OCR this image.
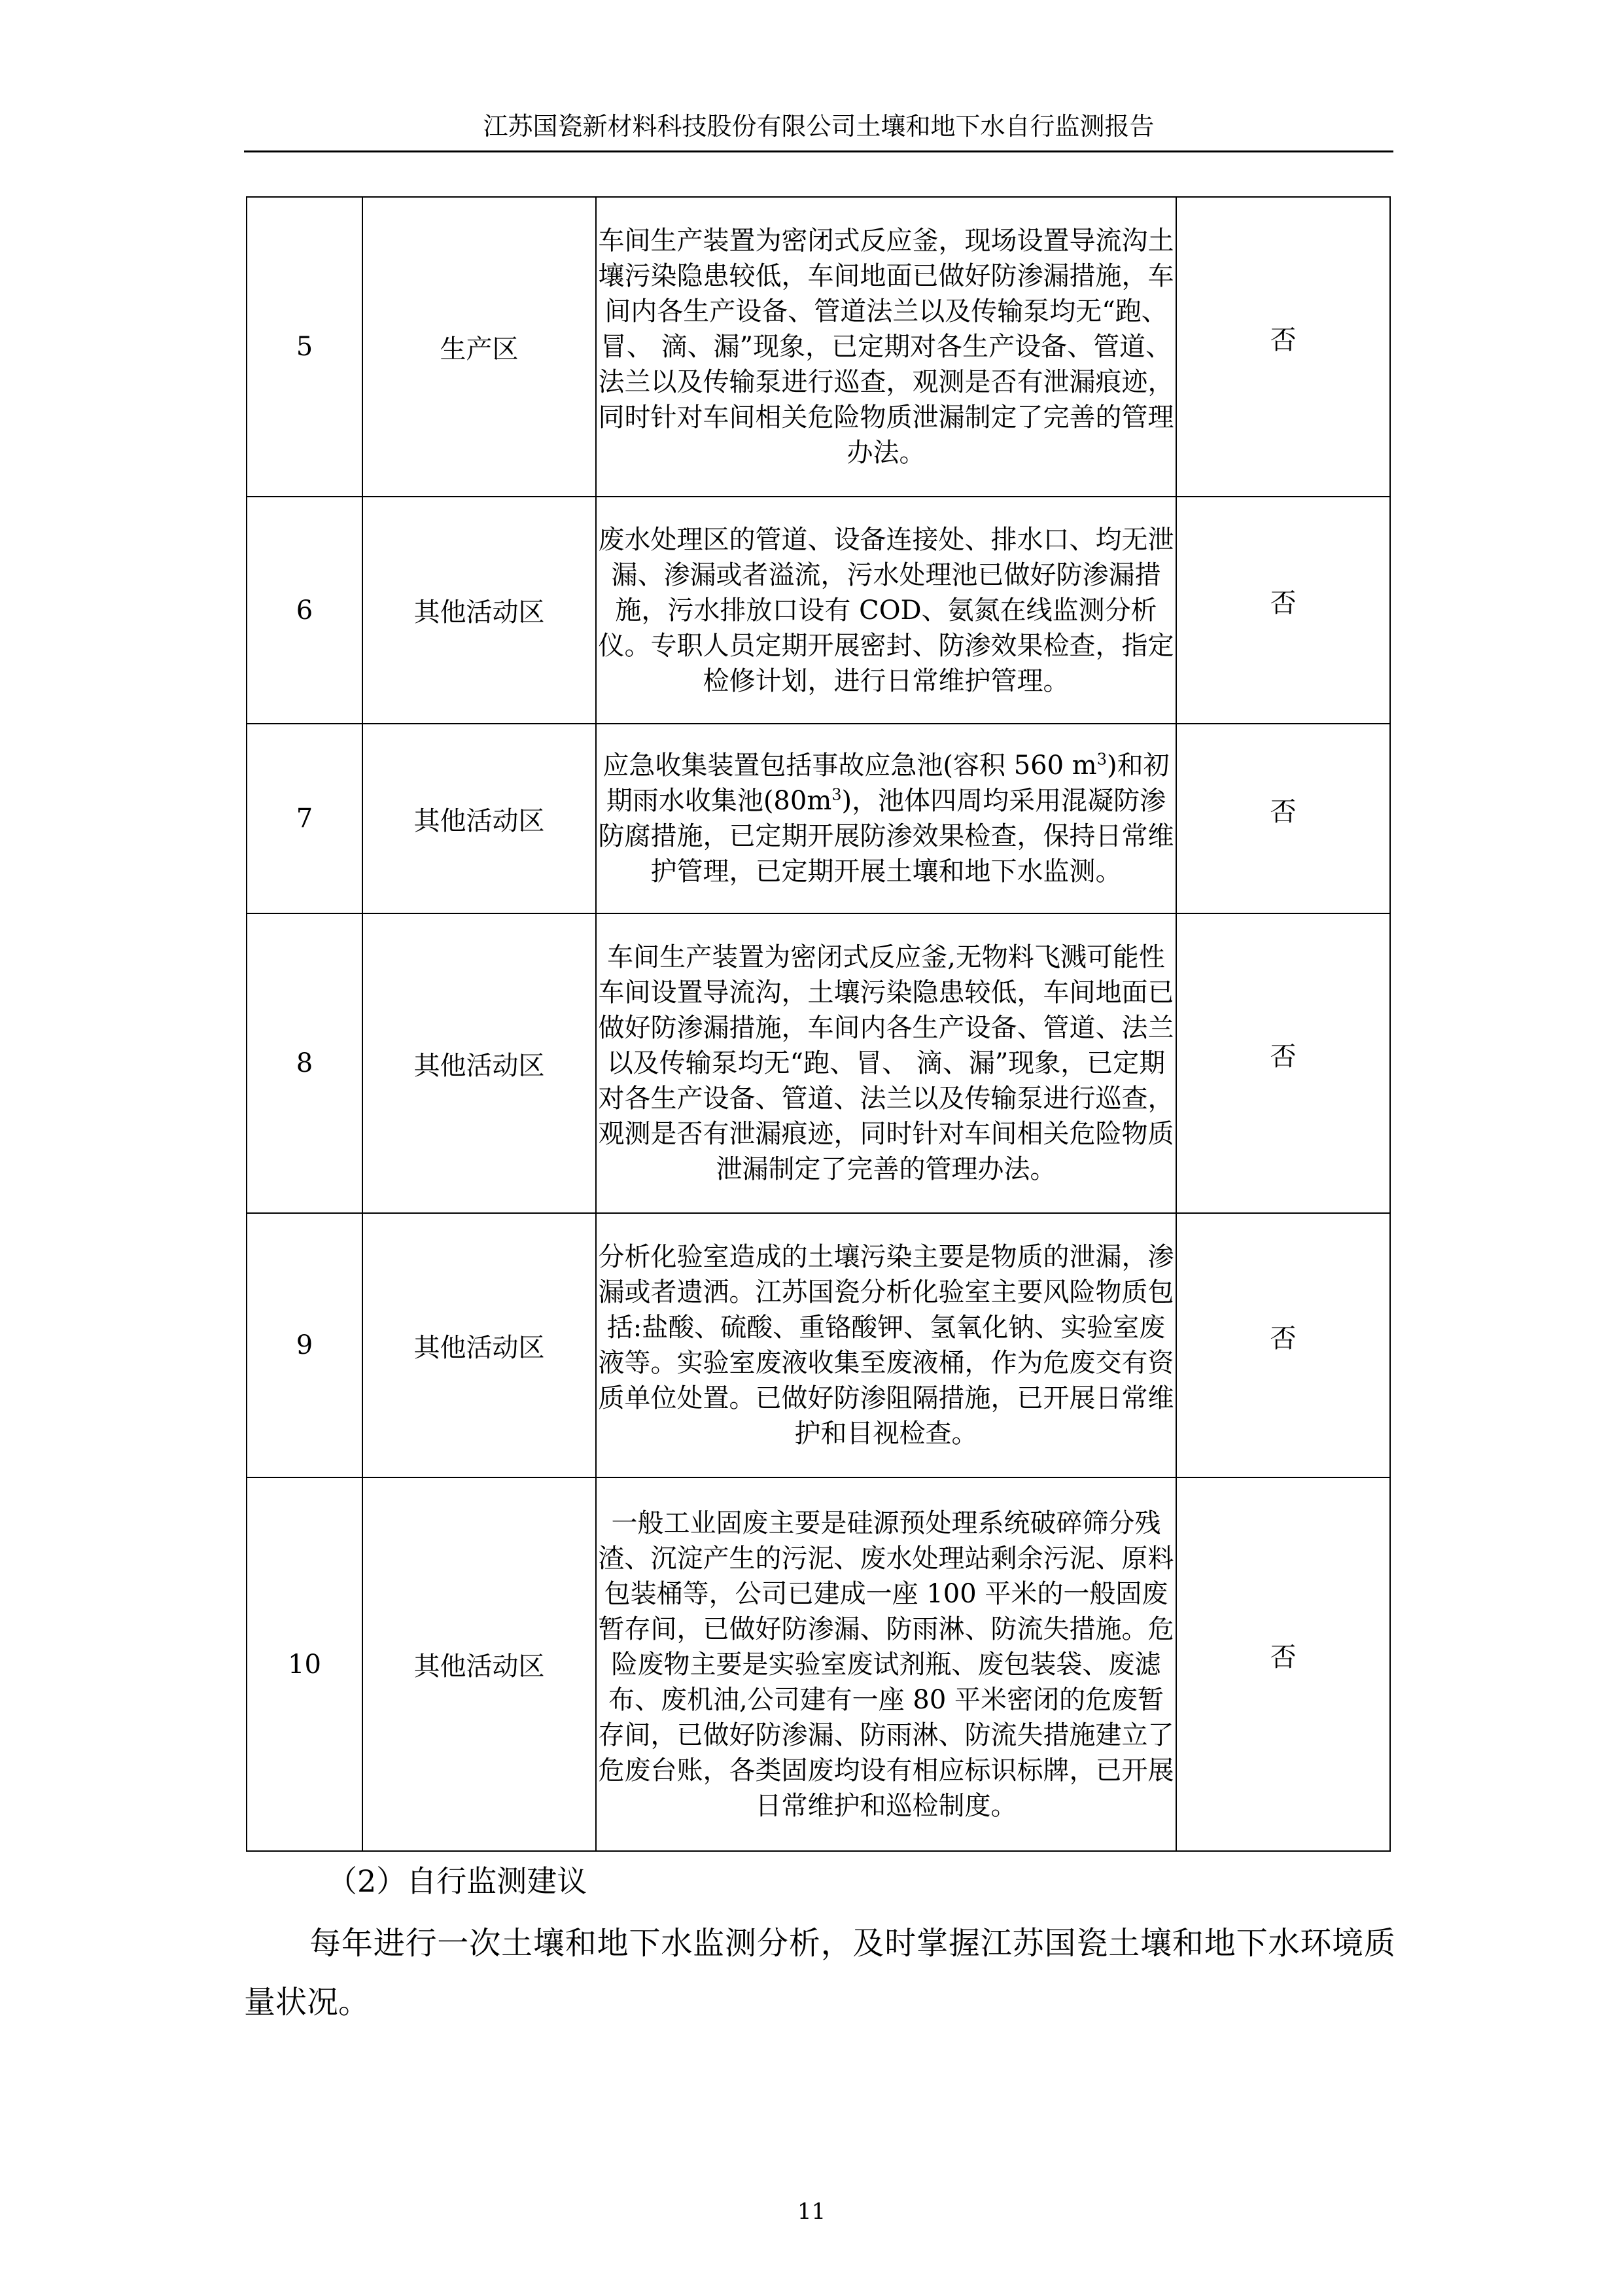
江苏国瓷新材料科技股份有限公司土壤和地下水自行监测报告
5	生产区	车间生产装置为密闭式反应釜，现场设置导流沟土壤污染隐患较低，车间地面已做好防渗漏措施，车间内各生产设备、管道法兰以及传输泵均无“跑、冒、 滴、漏”现象，已定期对各生产设备、管道、法兰以及传输泵进行巡查，观测是否有泄漏痕迹，同时针对车间相关危险物质泄漏制定了完善的管理办法。	否
6	其他活动区	废水处理区的管道、设备连接处、排水口、均无泄漏、渗漏或者溢流，污水处理池已做好防渗漏措施，污水排放口设有 COD、氨氮在线监测分析仪。专职人员定期开展密封、防渗效果检查，指定检修计划，进行日常维护管理。	否
7	其他活动区	应急收集装置包括事故应急池(容积 560 $m^3$)和初期雨水收集池$(80m^3)$，池体四周均采用混凝防渗防腐措施，已定期开展防渗效果检查，保持日常维护管理，已定期开展土壤和地下水监测。	否
8	其他活动区	车间生产装置为密闭式反应釜,无物料飞溅可能性车间设置导流沟，土壤污染隐患较低，车间地面已做好防渗漏措施，车间内各生产设备、管道、法兰以及传输泵均无“跑、冒、 滴、漏”现象，已定期对各生产设备、管道、法兰以及传输泵进行巡查，观测是否有泄漏痕迹，同时针对车间相关危险物质泄漏制定了完善的管理办法。	否
9	其他活动区	分析化验室造成的土壤污染主要是物质的泄漏，渗漏或者遗洒。江苏国瓷分析化验室主要风险物质包括:盐酸、硫酸、重铬酸钾、氢氧化钠、实验室废液等。实验室废液收集至废液桶，作为危废交有资质单位处置。已做好防渗阻隔措施，已开展日常维护和目视检查。	否
10	其他活动区	一般工业固废主要是硅源预处理系统破碎筛分残渣、沉淀产生的污泥、废水处理站剩余污泥、原料包装桶等，公司已建成一座 100 平米的一般固废暂存间，已做好防渗漏、防雨淋、防流失措施。危险废物主要是实验室废试剂瓶、废包装袋、废滤布、废机油,公司建有一座 80 平米密闭的危废暂存间，已做好防渗漏、防雨淋、防流失措施建立了危废台账，各类固废均设有相应标识标牌，已开展日常维护和巡检制度。	否
（2）自行监测建议
每年进行一次土壤和地下水监测分析，及时掌握江苏国瓷土壤和地下水环境质量状况。
11
